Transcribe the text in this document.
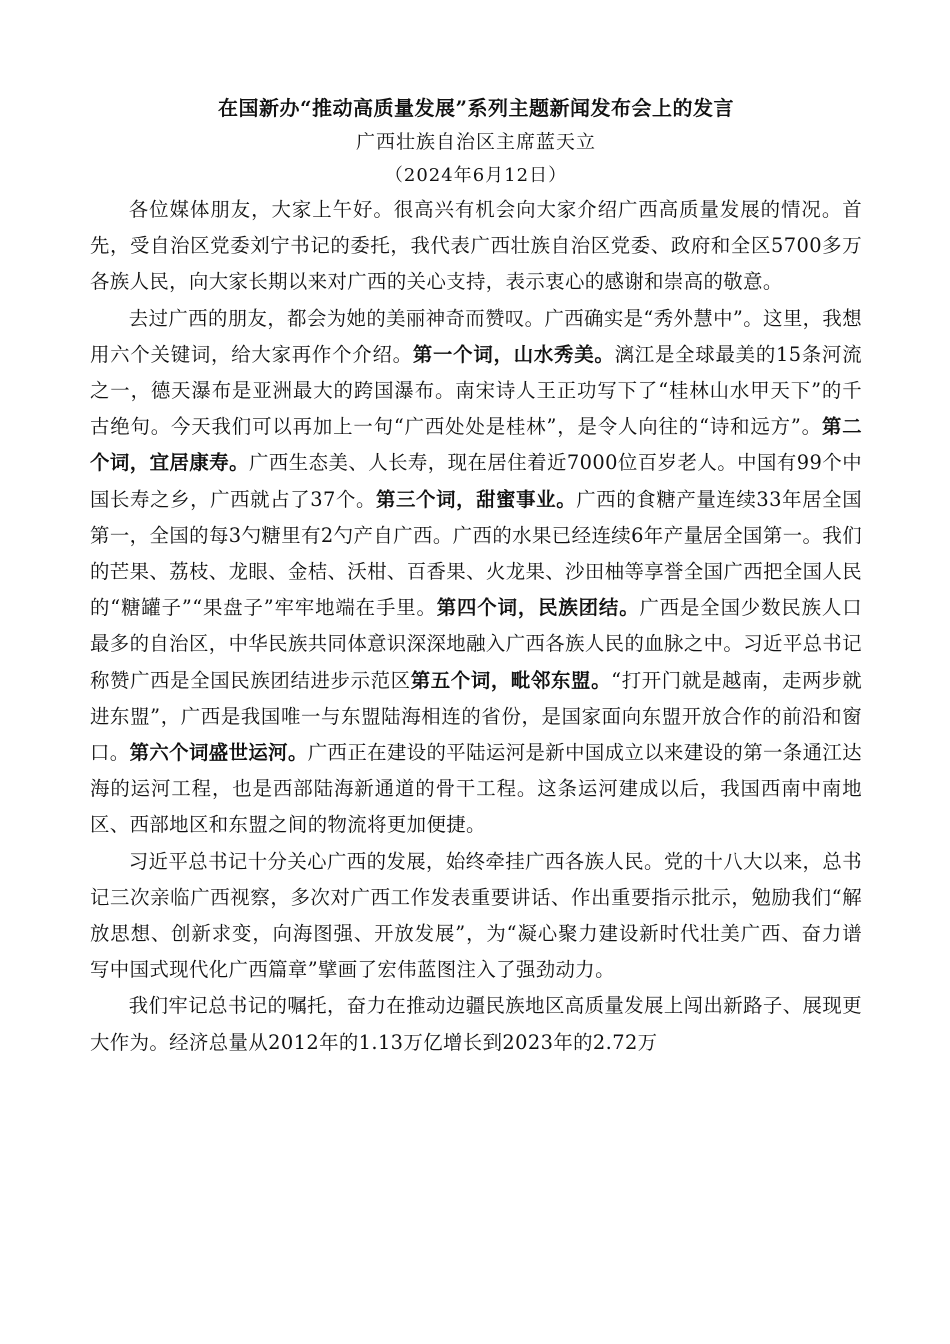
在国新办“推动高质量发展”系列主题新闻发布会上的发言

广西壮族自治区主席蓝天立

（2024年6月12日）

各位媒体朋友，大家上午好。很高兴有机会向大家介绍广西高质量发展的情况。首先，受自治区党委刘宁书记的委托，我代表广西壮族自治区党委、政府和全区5700多万各族人民，向大家长期以来对广西的关心支持，表示衷心的感谢和崇高的敬意。

去过广西的朋友，都会为她的美丽神奇而赞叹。广西确实是“秀外慧中”。这里，我想用六个关键词，给大家再作个介绍。第一个词，山水秀美。漓江是全球最美的15条河流之一，德天瀑布是亚洲最大的跨国瀑布。南宋诗人王正功写下了“桂林山水甲天下”的千古绝句。今天我们可以再加上一句“广西处处是桂林”，是令人向往的“诗和远方”。第二个词，宜居康寿。广西生态美、人长寿，现在居住着近7000位百岁老人。中国有99个中国长寿之乡，广西就占了37个。第三个词，甜蜜事业。广西的食糖产量连续33年居全国第一，全国的每3勺糖里有2勺产自广西。广西的水果已经连续6年产量居全国第一。我们的芒果、荔枝、龙眼、金桔、沃柑、百香果、火龙果、沙田柚等享誉全国广西把全国人民的“糖罐子”“果盘子”牢牢地端在手里。第四个词，民族团结。广西是全国少数民族人口最多的自治区，中华民族共同体意识深深地融入广西各族人民的血脉之中。习近平总书记称赞广西是全国民族团结进步示范区第五个词，毗邻东盟。“打开门就是越南，走两步就进东盟”，广西是我国唯一与东盟陆海相连的省份，是国家面向东盟开放合作的前沿和窗口。第六个词盛世运河。广西正在建设的平陆运河是新中国成立以来建设的第一条通江达海的运河工程，也是西部陆海新通道的骨干工程。这条运河建成以后，我国西南中南地区、西部地区和东盟之间的物流将更加便捷。

习近平总书记十分关心广西的发展，始终牵挂广西各族人民。党的十八大以来，总书记三次亲临广西视察，多次对广西工作发表重要讲话、作出重要指示批示，勉励我们“解放思想、创新求变，向海图强、开放发展”，为“凝心聚力建设新时代壮美广西、奋力谱写中国式现代化广西篇章”擘画了宏伟蓝图注入了强劲动力。

我们牢记总书记的嘱托，奋力在推动边疆民族地区高质量发展上闯出新路子、展现更大作为。经济总量从2012年的1.13万亿增长到2023年的2.72万
